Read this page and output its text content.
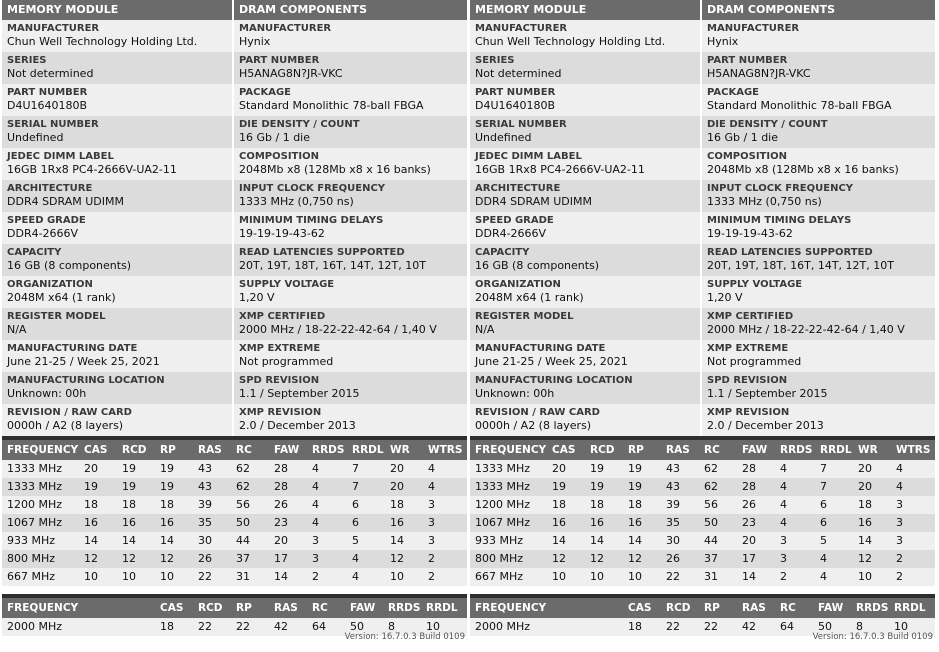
MEMORY MODULE
MANUFACTURER
Chun Well Technology Holding Ltd.
SERIES
Not determined
PART NUMBER
D4U1640180B
SERIAL NUMBER
Undefined
JEDEC DIMM LABEL
16GB 1Rx8 PC4-2666V-UA2-11
ARCHITECTURE
DDR4 SDRAM UDIMM
SPEED GRADE
DDR4-2666V
CAPACITY
16 GB (8 components)
ORGANIZATION
2048M x64 (1 rank)
REGISTER MODEL
N/A
MANUFACTURING DATE
June 21-25 / Week 25, 2021
MANUFACTURING LOCATION
Unknown: 00h
REVISION / RAW CARD
0000h / A2 (8 layers)
DRAM COMPONENTS
MANUFACTURER
Hynix
PART NUMBER
H5ANAG8N?JR-VKC
PACKAGE
Standard Monolithic 78-ball FBGA
DIE DENSITY / COUNT
16 Gb / 1 die
COMPOSITION
2048Mb x8 (128Mb x8 x 16 banks)
INPUT CLOCK FREQUENCY
1333 MHz (0,750 ns)
MINIMUM TIMING DELAYS
19-19-19-43-62
READ LATENCIES SUPPORTED
20T, 19T, 18T, 16T, 14T, 12T, 10T
SUPPLY VOLTAGE
1,20 V
XMP CERTIFIED
2000 MHz / 18-22-22-42-64 / 1,40 V
XMP EXTREME
Not programmed
SPD REVISION
1.1 / September 2015
XMP REVISION
2.0 / December 2013
FREQUENCY CAS RCD RP RAS RC FAW RRDS RRDL WR WTRS
1333 MHz 20 19 19 43 62 28 4	7	20 4
1333 MHz 19 19 19 43 62 28 4	7	20 4
1200 MHz 18 18 18 39 56 26 4	6	18 3
1067 MHz 16 16 16 35 50 23 4	6	16 3
933 MHz	14 14 14 30 44 20 3	5	14 3
800 MHz	12 12 12 26 37 17 3	4	12 2
667 MHz	10 10 10 22 31 14 2	4	10 2
FREQUENCY	CAS RCD RP RAS RC FAW RRDS RRDL
2000 MHz	18 22 22 42 64 50 8	10
Version: 16.7.0.3 Build 0109
MEMORY MODULE
MANUFACTURER
Chun Well Technology Holding Ltd.
SERIES
Not determined
PART NUMBER
D4U1640180B
SERIAL NUMBER
Undefined
JEDEC DIMM LABEL
16GB 1Rx8 PC4-2666V-UA2-11
ARCHITECTURE
DDR4 SDRAM UDIMM
SPEED GRADE
DDR4-2666V
CAPACITY
16 GB (8 components)
ORGANIZATION
2048M x64 (1 rank)
REGISTER MODEL
N/A
MANUFACTURING DATE
June 21-25 / Week 25, 2021
MANUFACTURING LOCATION
Unknown: 00h
REVISION / RAW CARD
0000h / A2 (8 layers)
DRAM COMPONENTS
MANUFACTURER
Hynix
PART NUMBER
H5ANAG8N?JR-VKC
PACKAGE
Standard Monolithic 78-ball FBGA
DIE DENSITY / COUNT
16 Gb / 1 die
COMPOSITION
2048Mb x8 (128Mb x8 x 16 banks)
INPUT CLOCK FREQUENCY
1333 MHz (0,750 ns)
MINIMUM TIMING DELAYS
19-19-19-43-62
READ LATENCIES SUPPORTED
20T, 19T, 18T, 16T, 14T, 12T, 10T
SUPPLY VOLTAGE
1,20 V
XMP CERTIFIED
2000 MHz / 18-22-22-42-64 / 1,40 V
XMP EXTREME
Not programmed
SPD REVISION
1.1 / September 2015
XMP REVISION
2.0 / December 2013
FREQUENCY CAS RCD RP RAS RC FAW RRDS RRDL WR WTRS
1333 MHz 20 19 19 43 62 28 4	7	20 4
1333 MHz 19 19 19 43 62 28 4	7	20 4
1200 MHz 18 18 18 39 56 26 4	6	18 3
1067 MHz 16 16 16 35 50 23 4	6	16 3
933 MHz	14 14 14 30 44 20 3	5	14 3
800 MHz	12 12 12 26 37 17 3	4	12 2
667 MHz	10 10 10 22 31 14 2	4	10 2
FREQUENCY	CAS RCD RP RAS RC FAW RRDS RRDL
2000 MHz	18 22 22 42 64 50 8	10
Version: 16.7.0.3 Build 0109
